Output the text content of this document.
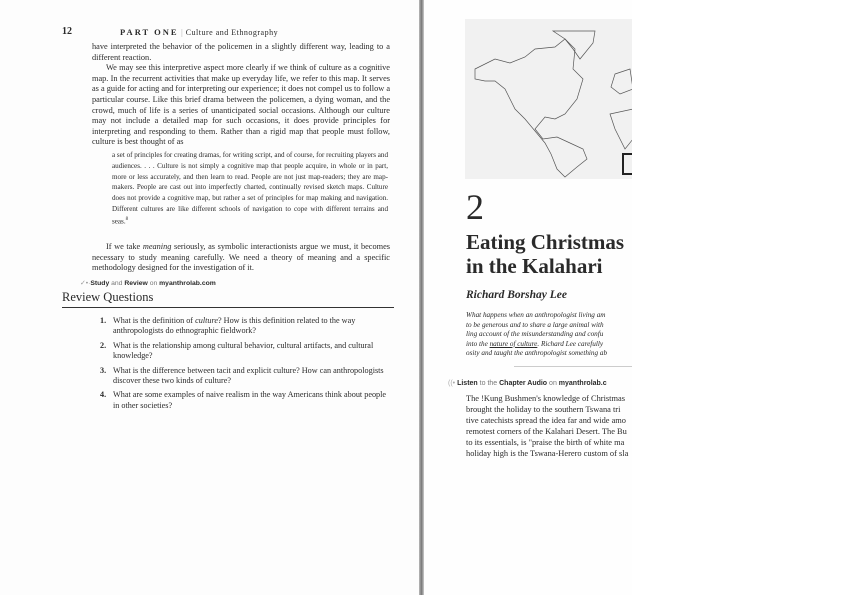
12	PART ONE | Culture and Ethnography

have interpreted the behavior of the policemen in a slightly different way, leading to a different reaction.

We may see this interpretive aspect more clearly if we think of culture as a cognitive map. In the recurrent activities that make up everyday life, we refer to this map. It serves as a guide for acting and for interpreting our experience; it does not compel us to follow a particular course. Like this brief drama between the policemen, a dying woman, and the crowd, much of life is a series of unanticipated social occasions. Although our culture may not include a detailed map for such occasions, it does provide principles for interpreting and responding to them. Rather than a rigid map that people must follow, culture is best thought of as

a set of principles for creating dramas, for writing script, and of course, for recruiting players and audiences. . . . Culture is not simply a cognitive map that people acquire, in whole or in part, more or less accurately, and then learn to read. People are not just map-readers; they are map-makers. People are cast out into imperfectly charted, continually revised sketch maps. Culture does not provide a cognitive map, but rather a set of principles for map making and navigation. Different cultures are like different schools of navigation to cope with different terrains and seas.$^8$
If we take meaning seriously, as symbolic interactionists argue we must, it becomes necessary to study meaning carefully. We need a theory of meaning and a specific methodology designed for the investigation of it.
✓•·Study and Review on myanthrolab.com
Review Questions
1. What is the definition of culture? How is this definition related to the way anthropologists do ethnographic fieldwork?
2. What is the relationship among cultural behavior, cultural artifacts, and cultural knowledge?
3. What is the difference between tacit and explicit culture? How can anthropologists discover these two kinds of culture?
4. What are some examples of naive realism in the way Americans think about people in other societies?
2
Eating Christmas
in the Kalahari
Richard Borshay Lee
What happens when an anthropologist living am
to be generous and to share a large animal with
ling account of the misunderstanding and confu
into the nature of culture. Richard Lee carefully
osity and taught the anthropologist something ab
((• Listen to the Chapter Audio on myanthrolab.c
The !Kung Bushmen's knowledge of Christmas
brought the holiday to the southern Tswana tri
tive catechists spread the idea far and wide amo
remotest corners of the Kalahari Desert. The Bu
to its essentials, is "praise the birth of white ma
holiday high is the Tswana-Herero custom of sla
